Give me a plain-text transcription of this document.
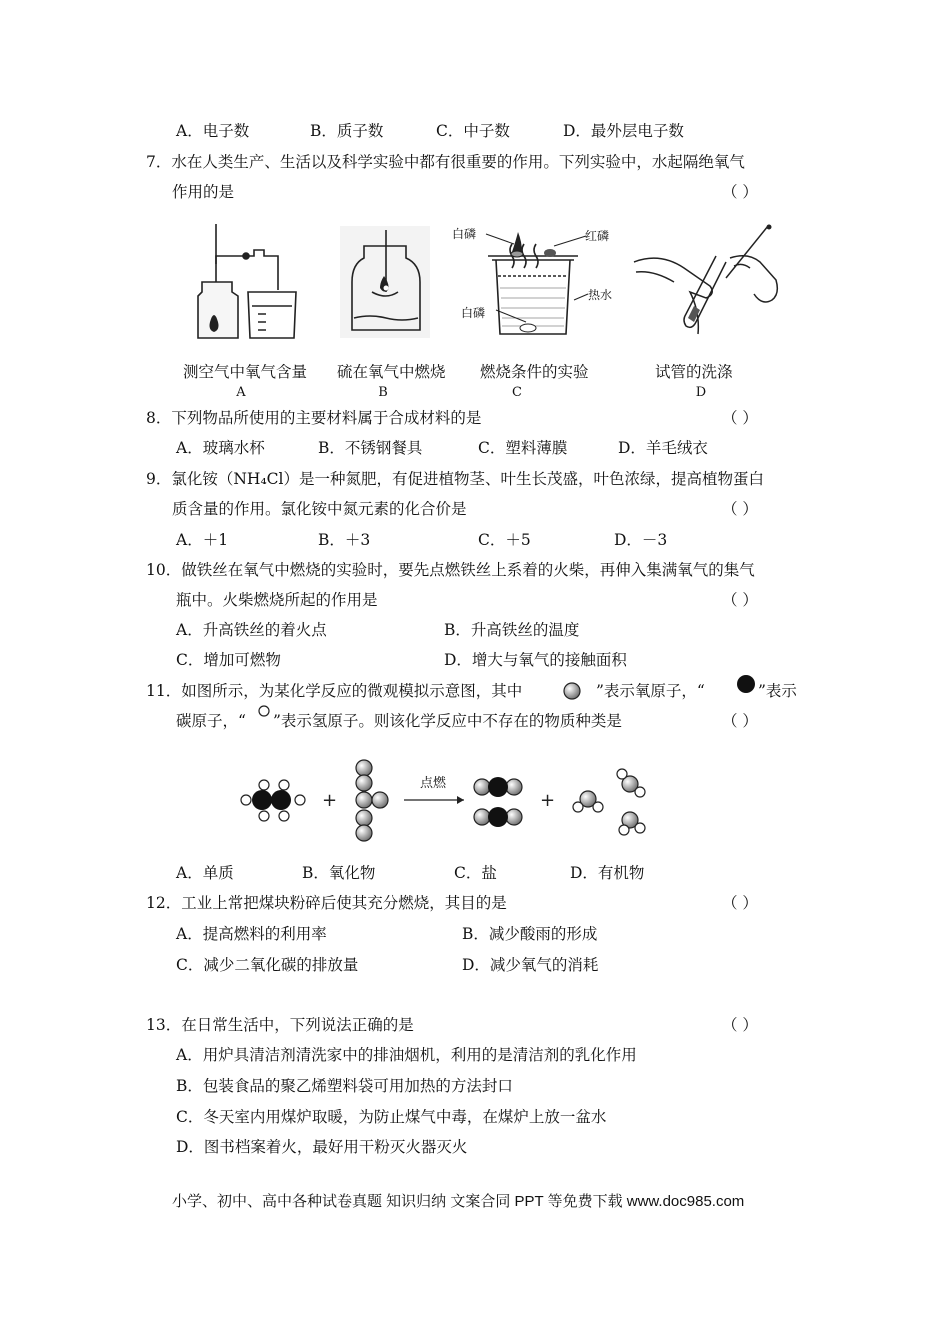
A．电子数	B．质子数	C．中子数	D．最外层电子数
7．水在人类生产、生活以及科学实验中都有很重要的作用。下列实验中，水起隔绝氧气
作用的是	（ ）
测空气中氧气含量
A
硫在氧气中燃烧
B
白磷	红磷
热水
白磷
燃烧条件的实验
C
试管的洗涤
D
8．下列物品所使用的主要材料属于合成材料的是	（ ）
A．玻璃水杯	B．不锈钢餐具	C．塑料薄膜	D．羊毛绒衣
9．氯化铵（NH₄Cl）是一种氮肥，有促进植物茎、叶生长茂盛，叶色浓绿，提高植物蛋白
质含量的作用。氯化铵中氮元素的化合价是	（ ）
A．＋1	B．＋3	C．＋5	D．－3
10．做铁丝在氧气中燃烧的实验时，要先点燃铁丝上系着的火柴，再伸入集满氧气的集气
瓶中。火柴燃烧所起的作用是	（ ）
A．升高铁丝的着火点	B．升高铁丝的温度
C．增加可燃物	D．增大与氧气的接触面积
11．如图所示，为某化学反应的微观模拟示意图，其中	”表示氧原子，“	”表示
碳原子，“ ”表示氢原子。则该化学反应中不存在的物质种类是	（ ）
+	+
点燃
A．单质	B．氧化物	C．盐	D．有机物
12．工业上常把煤块粉碎后使其充分燃烧，其目的是	（ ）
A．提高燃料的利用率	B．减少酸雨的形成
C．减少二氧化碳的排放量	D．减少氧气的消耗
13．在日常生活中，下列说法正确的是	（ ）
A．用炉具清洁剂清洗家中的排油烟机，利用的是清洁剂的乳化作用
B．包装食品的聚乙烯塑料袋可用加热的方法封口
C．冬天室内用煤炉取暖，为防止煤气中毒，在煤炉上放一盆水
D．图书档案着火，最好用干粉灭火器灭火
小学、初中、高中各种试卷真题 知识归纳 文案合同 PPT 等免费下载 www.doc985.com
